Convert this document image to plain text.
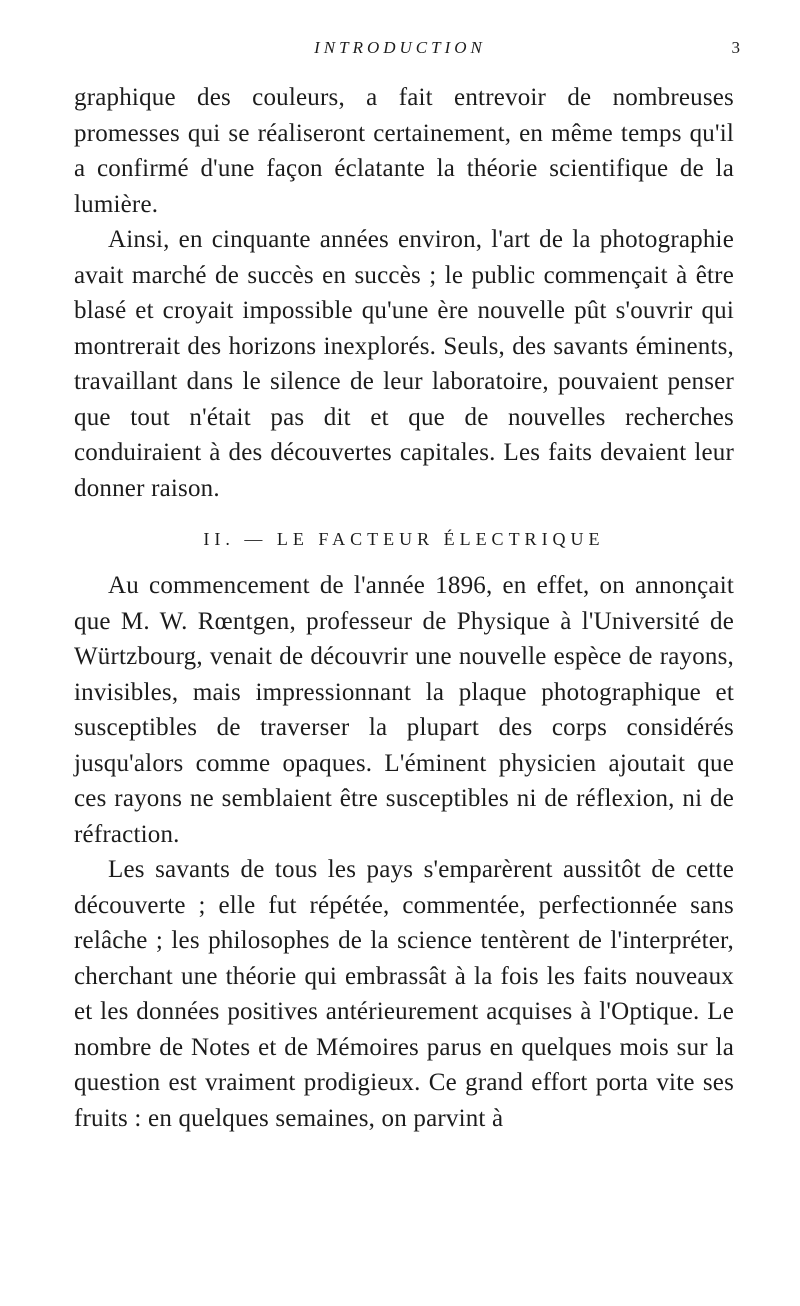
INTRODUCTION	3

graphique des couleurs, a fait entrevoir de nombreuses promesses qui se réaliseront certainement, en même temps qu'il a confirmé d'une façon éclatante la théorie scientifique de la lumière.

Ainsi, en cinquante années environ, l'art de la photographie avait marché de succès en succès ; le public commençait à être blasé et croyait impossible qu'une ère nouvelle pût s'ouvrir qui montrerait des horizons inexplorés. Seuls, des savants éminents, travaillant dans le silence de leur laboratoire, pouvaient penser que tout n'était pas dit et que de nouvelles recherches conduiraient à des découvertes capitales. Les faits devaient leur donner raison.

II. — LE FACTEUR ÉLECTRIQUE

Au commencement de l'année 1896, en effet, on annonçait que M. W. Rœntgen, professeur de Physique à l'Université de Würtzbourg, venait de découvrir une nouvelle espèce de rayons, invisibles, mais impressionnant la plaque photographique et susceptibles de traverser la plupart des corps considérés jusqu'alors comme opaques. L'éminent physicien ajoutait que ces rayons ne semblaient être susceptibles ni de réflexion, ni de réfraction.

Les savants de tous les pays s'emparèrent aussitôt de cette découverte ; elle fut répétée, commentée, perfectionnée sans relâche ; les philosophes de la science tentèrent de l'interpréter, cherchant une théorie qui embrassât à la fois les faits nouveaux et les données positives antérieurement acquises à l'Optique. Le nombre de Notes et de Mémoires parus en quelques mois sur la question est vraiment prodigieux. Ce grand effort porta vite ses fruits : en quelques semaines, on parvint à
